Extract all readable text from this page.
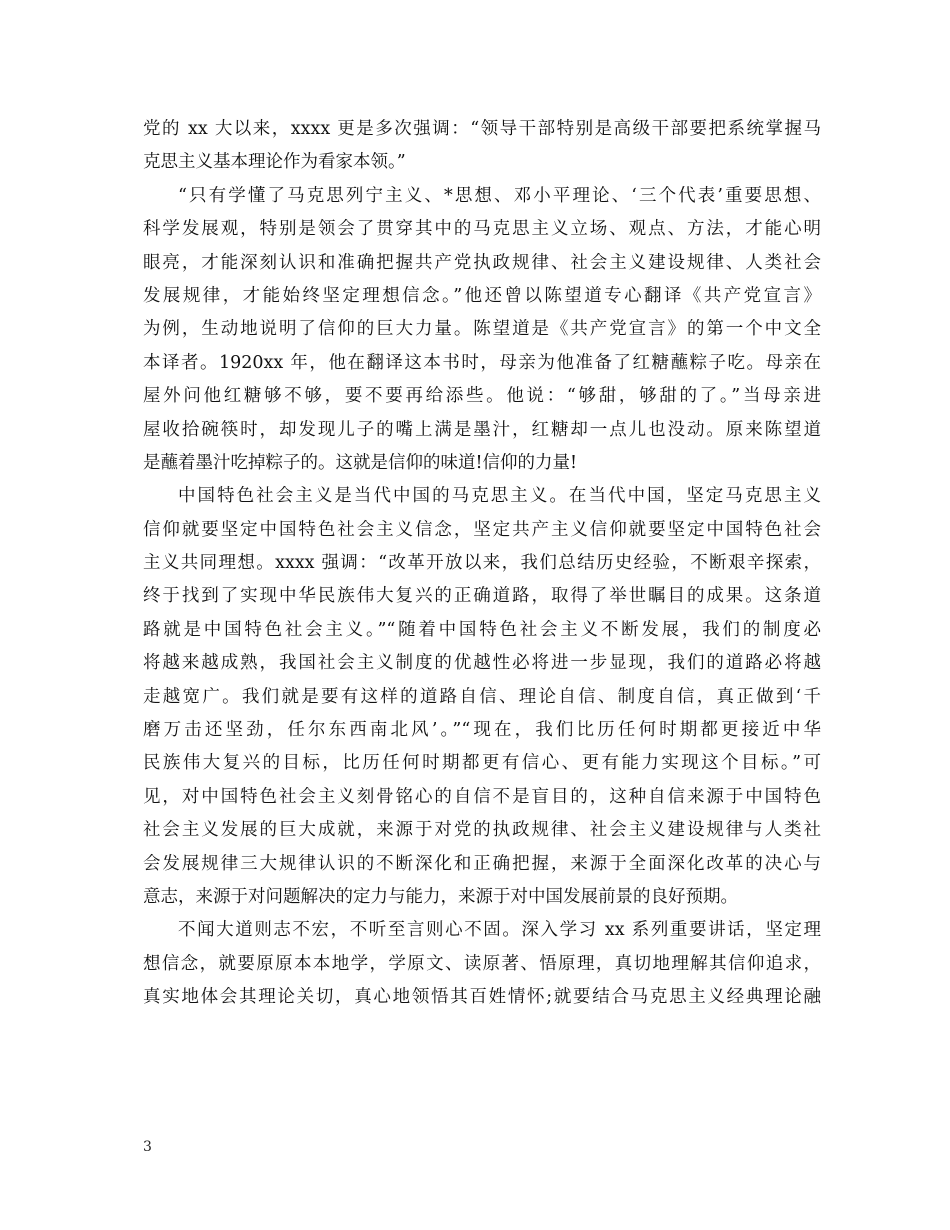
党的 xx 大以来，xxxx 更是多次强调：“领导干部特别是高级干部要把系统掌握马
克思主义基本理论作为看家本领。”
“只有学懂了马克思列宁主义、*思想、邓小平理论、‘三个代表’重要思想、
科学发展观，特别是领会了贯穿其中的马克思主义立场、观点、方法，才能心明
眼亮，才能深刻认识和准确把握共产党执政规律、社会主义建设规律、人类社会
发展规律，才能始终坚定理想信念。”他还曾以陈望道专心翻译《共产党宣言》
为例，生动地说明了信仰的巨大力量。陈望道是《共产党宣言》的第一个中文全
本译者。1920xx 年，他在翻译这本书时，母亲为他准备了红糖蘸粽子吃。母亲在
屋外问他红糖够不够，要不要再给添些。他说：“够甜，够甜的了。”当母亲进
屋收拾碗筷时，却发现儿子的嘴上满是墨汁，红糖却一点儿也没动。原来陈望道
是蘸着墨汁吃掉粽子的。这就是信仰的味道!信仰的力量!
中国特色社会主义是当代中国的马克思主义。在当代中国，坚定马克思主义
信仰就要坚定中国特色社会主义信念，坚定共产主义信仰就要坚定中国特色社会
主义共同理想。xxxx 强调：“改革开放以来，我们总结历史经验，不断艰辛探索，
终于找到了实现中华民族伟大复兴的正确道路，取得了举世瞩目的成果。这条道
路就是中国特色社会主义。”“随着中国特色社会主义不断发展，我们的制度必
将越来越成熟，我国社会主义制度的优越性必将进一步显现，我们的道路必将越
走越宽广。我们就是要有这样的道路自信、理论自信、制度自信，真正做到‘千
磨万击还坚劲，任尔东西南北风’。”“现在，我们比历任何时期都更接近中华
民族伟大复兴的目标，比历任何时期都更有信心、更有能力实现这个目标。”可
见，对中国特色社会主义刻骨铭心的自信不是盲目的，这种自信来源于中国特色
社会主义发展的巨大成就，来源于对党的执政规律、社会主义建设规律与人类社
会发展规律三大规律认识的不断深化和正确把握，来源于全面深化改革的决心与
意志，来源于对问题解决的定力与能力，来源于对中国发展前景的良好预期。
不闻大道则志不宏，不听至言则心不固。深入学习 xx 系列重要讲话，坚定理
想信念，就要原原本本地学，学原文、读原著、悟原理，真切地理解其信仰追求，
真实地体会其理论关切，真心地领悟其百姓情怀;就要结合马克思主义经典理论融
3
